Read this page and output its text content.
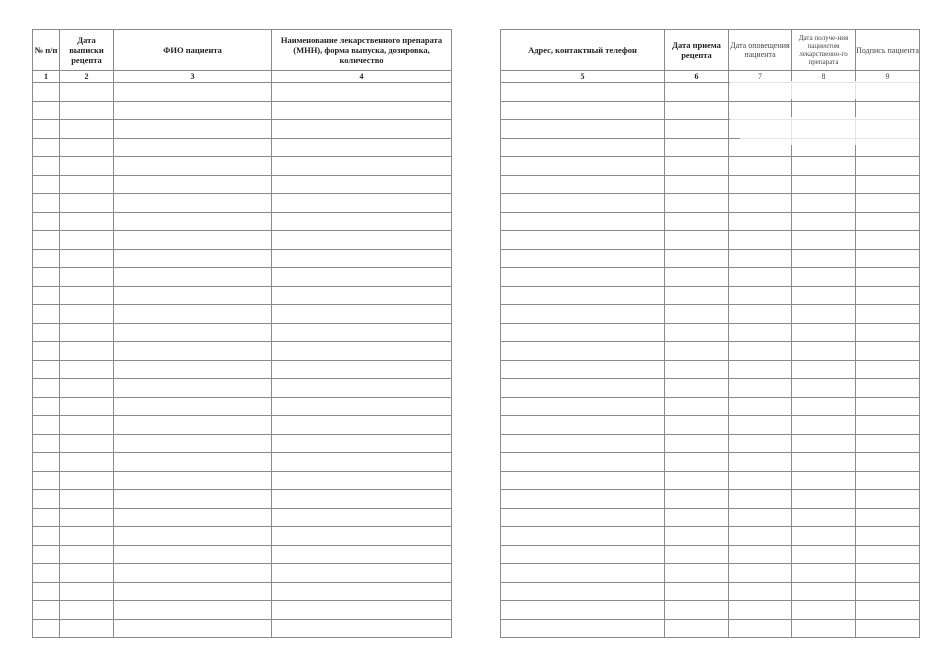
№ п/п	Дата выписки рецепта	ФИО пациента	Наименование лекарственного препарата (МНН), форма выпуска, дозировка, количество
1	2	3	4

Адрес, контактный телефон	Дата приема рецепта	Дата оповещения пациента	Дата получе-ния пациентом лекарственно-го препарата	Подпись пациента
5	6	7	8	9
